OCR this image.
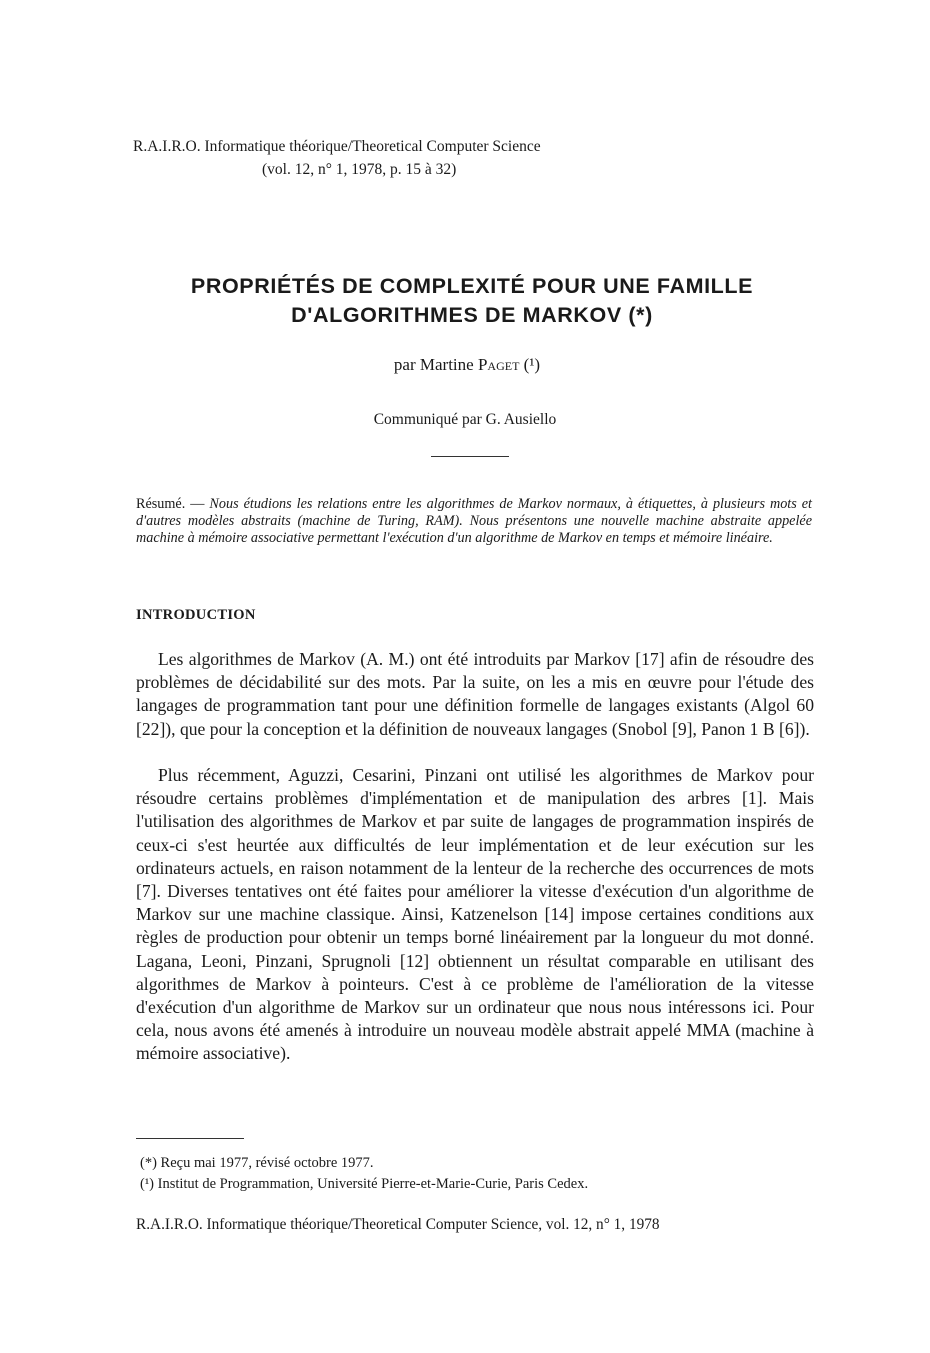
R.A.I.R.O. Informatique théorique/Theoretical Computer Science
(vol. 12, n° 1, 1978, p. 15 à 32)
PROPRIÉTÉS DE COMPLEXITÉ POUR UNE FAMILLE
D'ALGORITHMES DE MARKOV (*)
par Martine Paget (¹)
Communiqué par G. Ausiello
Résumé. — Nous étudions les relations entre les algorithmes de Markov normaux, à étiquettes, à plusieurs mots et d'autres modèles abstraits (machine de Turing, RAM). Nous présentons une nouvelle machine abstraite appelée machine à mémoire associative permettant l'exécution d'un algorithme de Markov en temps et mémoire linéaire.
INTRODUCTION

Les algorithmes de Markov (A. M.) ont été introduits par Markov [17] afin de résoudre des problèmes de décidabilité sur des mots. Par la suite, on les a mis en œuvre pour l'étude des langages de programmation tant pour une définition formelle de langages existants (Algol 60 [22]), que pour la conception et la définition de nouveaux langages (Snobol [9], Panon 1 B [6]).

Plus récemment, Aguzzi, Cesarini, Pinzani ont utilisé les algorithmes de Markov pour résoudre certains problèmes d'implémentation et de manipulation des arbres [1]. Mais l'utilisation des algorithmes de Markov et par suite de langages de programmation inspirés de ceux-ci s'est heurtée aux difficultés de leur implémentation et de leur exécution sur les ordinateurs actuels, en raison notamment de la lenteur de la recherche des occurrences de mots [7]. Diverses tentatives ont été faites pour améliorer la vitesse d'exécution d'un algorithme de Markov sur une machine classique. Ainsi, Katzenelson [14] impose certaines conditions aux règles de production pour obtenir un temps borné linéairement par la longueur du mot donné. Lagana, Leoni, Pinzani, Sprugnoli [12] obtiennent un résultat comparable en utilisant des algorithmes de Markov à pointeurs. C'est à ce problème de l'amélioration de la vitesse d'exécution d'un algorithme de Markov sur un ordinateur que nous nous intéressons ici. Pour cela, nous avons été amenés à introduire un nouveau modèle abstrait appelé MMA (machine à mémoire associative).

(*) Reçu mai 1977, révisé octobre 1977.
(¹) Institut de Programmation, Université Pierre-et-Marie-Curie, Paris Cedex.
R.A.I.R.O. Informatique théorique/Theoretical Computer Science, vol. 12, n° 1, 1978
